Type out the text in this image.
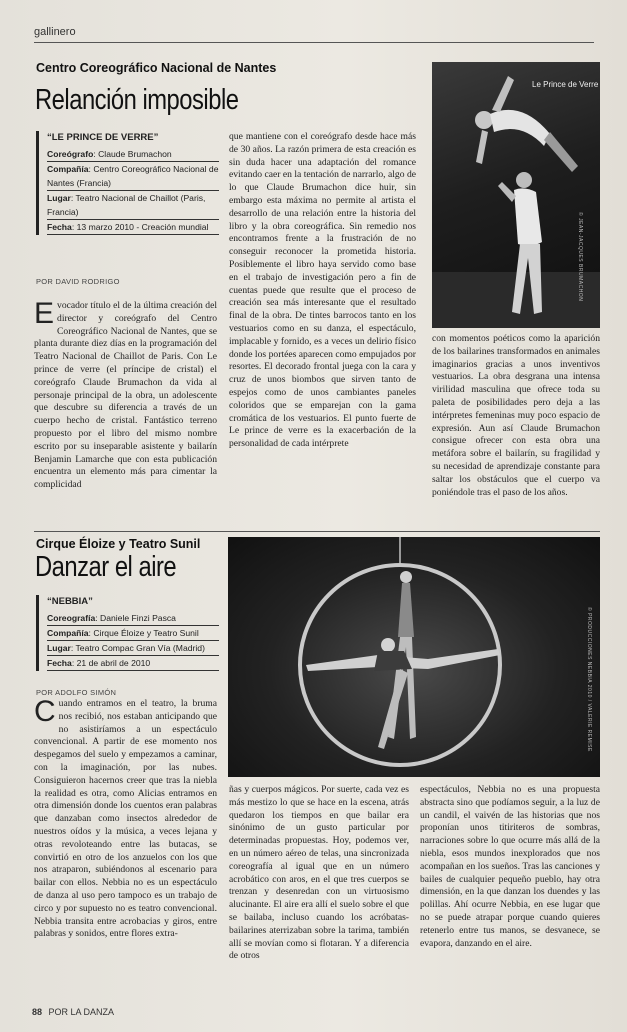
gallinero
Centro Coreográfico Nacional de Nantes
Relanción imposible
“LE PRINCE DE VERRE”
Coreógrafo: Claude Brumachon
Compañía: Centro Coreográfico Nacional de Nantes (Francia)
Lugar: Teatro Nacional de Chaillot (Paris, Francia)
Fecha: 13 marzo 2010 - Creación mundial
POR DAVID RODRIGO
Evocador título el de la última creación del director y coreógrafo del Centro Coreográfico Nacional de Nantes, que se planta durante diez días en la programación del Teatro Nacional de Chaillot de Paris. Con Le prince de verre (el príncipe de cristal) el coreógrafo Claude Brumachon da vida al personaje principal de la obra, un adolescente que descubre su diferencia a través de un cuerpo hecho de cristal. Fantástico terreno propuesto por el libro del mismo nombre escrito por su inseparable asistente y bailarín Benjamin Lamarche que con esta publicación encuentra un elemento más para cimentar la complicidad
que mantiene con el coreógrafo desde hace más de 30 años. La razón primera de esta creación es sin duda hacer una adaptación del romance evitando caer en la tentación de narrarlo, algo de lo que Claude Brumachon dice huir, sin embargo esta máxima no permite al artista el desarrollo de una relación entre la historia del libro y la obra coreográfica. Sin remedio nos encontramos frente a la frustración de no conseguir reconocer la prometida historia. Posiblemente el libro haya servido como base en el trabajo de investigación pero a fin de cuentas puede que resulte que el proceso de creación sea más interesante que el resultado final de la obra. De tintes barrocos tanto en los vestuarios como en su danza, el espectáculo, implacable y fornido, es a veces un delirio físico donde los portées aparecen como empujados por resortes. El decorado frontal juega con la cara y cruz de unos biombos que sirven tanto de espejos como de unos cambiantes paneles coloridos que se emparejan con la gama cromática de los vestuarios. El punto fuerte de Le prince de verre es la exacerbación de la personalidad de cada intérprete
Le Prince de Verre
© JEAN-JACQUES BRUMACHON
con momentos poéticos como la aparición de los bailarines transformados en animales imaginarios gracias a unos inventivos vestuarios. La obra desgrana una intensa virilidad masculina que ofrece toda su paleta de posibilidades pero deja a las intérpretes femeninas muy poco espacio de expresión. Aun así Claude Brumachon consigue ofrecer con esta obra una metáfora sobre el bailarín, su fragilidad y su necesidad de aprendizaje constante para saltar los obstáculos que el cuerpo va poniéndole tras el paso de los años.
Cirque Éloize y Teatro Sunil
Danzar el aire
“NEBBIA”
Coreografía: Daniele Finzi Pasca
Compañía: Cirque Éloize y Teatro Sunil
Lugar: Teatro Compac Gran Vía (Madrid)
Fecha: 21 de abril de 2010
POR ADOLFO SIMÓN
Cuando entramos en el teatro, la bruma nos recibió, nos estaban anticipando que no asistiríamos a un espectáculo convencional. A partir de ese momento nos despegamos del suelo y empezamos a caminar, con la imaginación, por las nubes. Consiguieron hacernos creer que tras la niebla la realidad es otra, como Alicias entramos en otra dimensión donde los cuentos eran palabras que danzaban como insectos alrededor de nuestros oídos y la música, a veces lejana y otras revoloteando entre las butacas, se convirtió en otro de los anzuelos con los que nos atraparon, subiéndonos al escenario para bailar con ellos. Nebbia no es un espectáculo de danza al uso pero tampoco es un trabajo de circo y por supuesto no es teatro convencional. Nebbia transita entre acrobacias y giros, entre palabras y sonidos, entre flores extra-
© PRODUCCIONES NEBBIA 2010 / VALERIE REMISE
ñas y cuerpos mágicos. Por suerte, cada vez es más mestizo lo que se hace en la escena, atrás quedaron los tiempos en que bailar era sinónimo de un gusto particular por determinadas propuestas. Hoy, podemos ver, en un número aéreo de telas, una sincronizada coreografía al igual que en un número acrobático con aros, en el que tres cuerpos se trenzan y desenredan con un virtuosismo alucinante. El aire era allí el suelo sobre el que se bailaba, incluso cuando los acróbatas-bailarines aterrizaban sobre la tarima, también allí se movían como si flotaran. Y a diferencia de otros
espectáculos, Nebbia no es una propuesta abstracta sino que podíamos seguir, a la luz de un candil, el vaivén de las historias que nos proponían unos titiriteros de sombras, narraciones sobre lo que ocurre más allá de la niebla, esos mundos inexplorados que nos acompañan en los sueños. Tras las canciones y bailes de cualquier pequeño pueblo, hay otra dimensión, en la que danzan los duendes y las polillas. Ahí ocurre Nebbia, en ese lugar que no se puede atrapar porque cuando quieres retenerlo entre tus manos, se desvanece, se evapora, danzando en el aire.
88 POR LA DANZA
